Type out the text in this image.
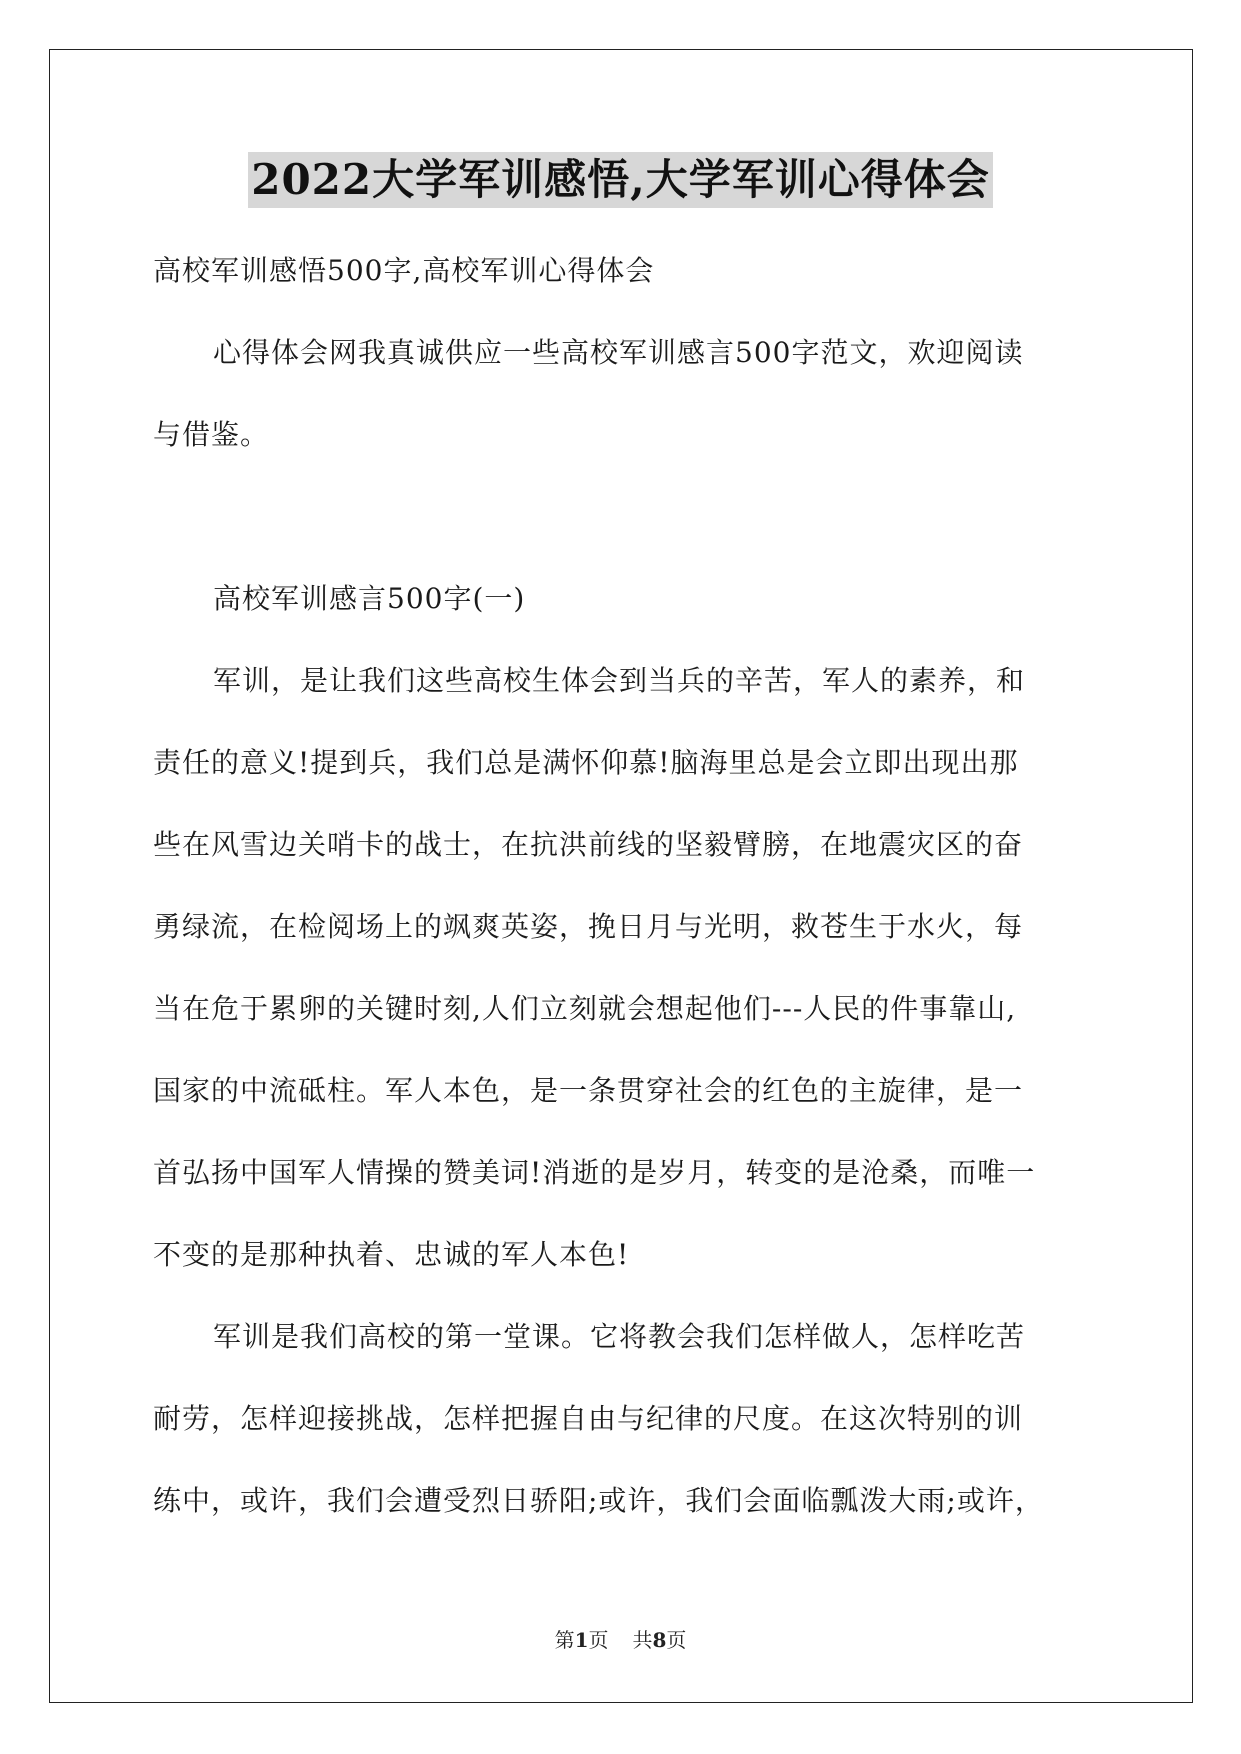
2022大学军训感悟,大学军训心得体会
高校军训感悟500字,高校军训心得体会
心得体会网我真诚供应一些高校军训感言500字范文，欢迎阅读
与借鉴。
高校军训感言500字(一)
军训，是让我们这些高校生体会到当兵的辛苦，军人的素养，和
责任的意义!提到兵，我们总是满怀仰慕!脑海里总是会立即出现出那
些在风雪边关哨卡的战士，在抗洪前线的坚毅臂膀，在地震灾区的奋
勇绿流，在检阅场上的飒爽英姿，挽日月与光明，救苍生于水火，每
当在危于累卵的关键时刻,人们立刻就会想起他们---人民的件事靠山,
国家的中流砥柱。军人本色，是一条贯穿社会的红色的主旋律，是一
首弘扬中国军人情操的赞美词!消逝的是岁月，转变的是沧桑，而唯一
不变的是那种执着、忠诚的军人本色!
军训是我们高校的第一堂课。它将教会我们怎样做人，怎样吃苦
耐劳，怎样迎接挑战，怎样把握自由与纪律的尺度。在这次特别的训
练中，或许，我们会遭受烈日骄阳;或许，我们会面临瓢泼大雨;或许，
第1页 共8页
